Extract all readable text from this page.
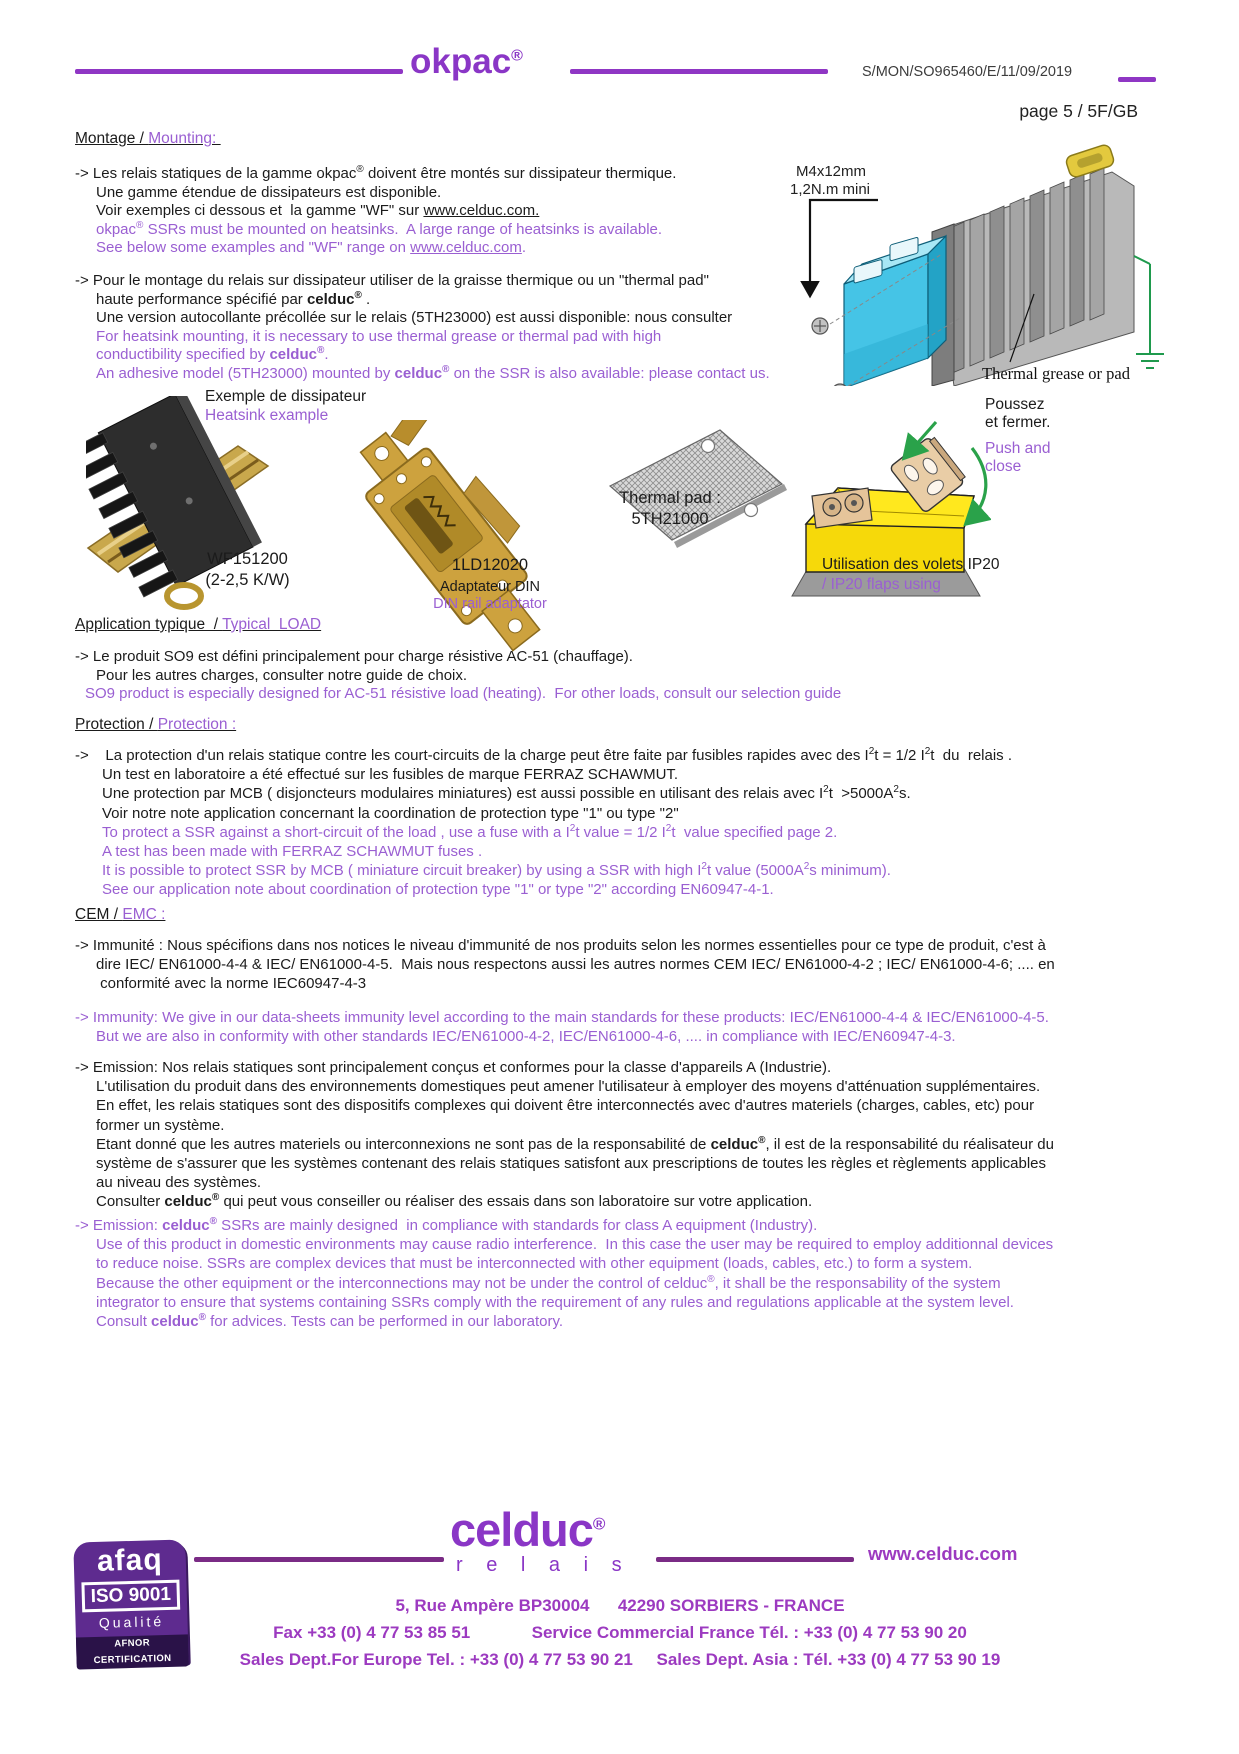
okpac®
S/MON/SO965460/E/11/09/2019
page 5 / 5F/GB
Montage / Mounting:
-> Les relais statiques de la gamme okpac® doivent être montés sur dissipateur thermique.
Une gamme étendue de dissipateurs est disponible.
Voir exemples ci dessous et  la gamme "WF" sur www.celduc.com.
okpac® SSRs must be mounted on heatsinks.  A large range of heatsinks is available.
See below some examples and "WF" range on www.celduc.com.
-> Pour le montage du relais sur dissipateur utiliser de la graisse thermique ou un "thermal pad"
haute performance spécifié par celduc® .
Une version autocollante précollée sur le relais (5TH23000) est aussi disponible: nous consulter
For heatsink mounting, it is necessary to use thermal grease or thermal pad with high
conductibility specified by celduc®.
An adhesive model (5TH23000) mounted by celduc® on the SSR is also available: please contact us.
M4x12mm
1,2N.m mini
Thermal grease or pad
Exemple de dissipateur
Heatsink example
WF151200
(2-2,5 K/W)
1LD12020
Adaptateur DIN
DIN rail adaptator
Thermal pad :
5TH21000
Poussez
et fermer.
Push and
close
Utilisation des volets IP20
/ IP20 flaps using
Application typique  / Typical  LOAD
-> Le produit SO9 est défini principalement pour charge résistive AC-51 (chauffage).
Pour les autres charges, consulter notre guide de choix.
SO9 product is especially designed for AC-51 résistive load (heating).  For other loads, consult our selection guide
Protection / Protection :
->    La protection d'un relais statique contre les court-circuits de la charge peut être faite par fusibles rapides avec des $I^2t = 1/2$ $I^2t$  du  relais .
Un test en laboratoire a été effectué sur les fusibles de marque FERRAZ SCHAWMUT.
Une protection par MCB ( disjoncteurs modulaires miniatures) est aussi possible en utilisant des relais avec $I^2t >5000A^2s$.
Voir notre note application concernant la coordination de protection type "1" ou type "2"
To protect a SSR against a short-circuit of the load , use a fuse with a $I^2t$ value = 1/2 $I^2t$  value specified page 2.
A test has been made with FERRAZ SCHAWMUT fuses .
It is possible to protect SSR by MCB ( miniature circuit breaker) by using a SSR with high $I^2t$ value ($5000A^2s$ minimum).
See our application note about coordination of protection type "1" or type "2" according EN60947-4-1.
CEM / EMC :
-> Immunité : Nous spécifions dans nos notices le niveau d'immunité de nos produits selon les normes essentielles pour ce type de produit, c'est à
dire IEC/ EN61000-4-4 & IEC/ EN61000-4-5.  Mais nous respectons aussi les autres normes CEM IEC/ EN61000-4-2 ; IEC/ EN61000-4-6; .... en
conformité avec la norme IEC60947-4-3
-> Immunity: We give in our data-sheets immunity level according to the main standards for these products: IEC/EN61000-4-4 & IEC/EN61000-4-5.
But we are also in conformity with other standards IEC/EN61000-4-2, IEC/EN61000-4-6, .... in compliance with IEC/EN60947-4-3.
-> Emission: Nos relais statiques sont principalement conçus et conformes pour la classe d'appareils A (Industrie).
L'utilisation du produit dans des environnements domestiques peut amener l'utilisateur à employer des moyens d'atténuation supplémentaires.
En effet, les relais statiques sont des dispositifs complexes qui doivent être interconnectés avec d'autres materiels (charges, cables, etc) pour
former un système.
Etant donné que les autres materiels ou interconnexions ne sont pas de la responsabilité de celduc®, il est de la responsabilité du réalisateur du
système de s'assurer que les systèmes contenant des relais statiques satisfont aux prescriptions de toutes les règles et règlements applicables
au niveau des systèmes.
Consulter celduc® qui peut vous conseiller ou réaliser des essais dans son laboratoire sur votre application.
-> Emission: celduc® SSRs are mainly designed  in compliance with standards for class A equipment (Industry).
Use of this product in domestic environments may cause radio interference.  In this case the user may be required to employ additionnal devices
to reduce noise. SSRs are complex devices that must be interconnected with other equipment (loads, cables, etc.) to form a system.
Because the other equipment or the interconnections may not be under the control of celduc®, it shall be the responsability of the system
integrator to ensure that systems containing SSRs comply with the requirement of any rules and regulations applicable at the system level.
Consult celduc® for advices. Tests can be performed in our laboratory.
afaq
ISO 9001
Qualité
AFNOR CERTIFICATION
celduc®
r e l a i s
www.celduc.com
5, Rue Ampère BP30004      42290 SORBIERS - FRANCE
Fax +33 (0) 4 77 53 85 51             Service Commercial France Tél. : +33 (0) 4 77 53 90 20
Sales Dept.For Europe Tel. : +33 (0) 4 77 53 90 21     Sales Dept. Asia : Tél. +33 (0) 4 77 53 90 19
